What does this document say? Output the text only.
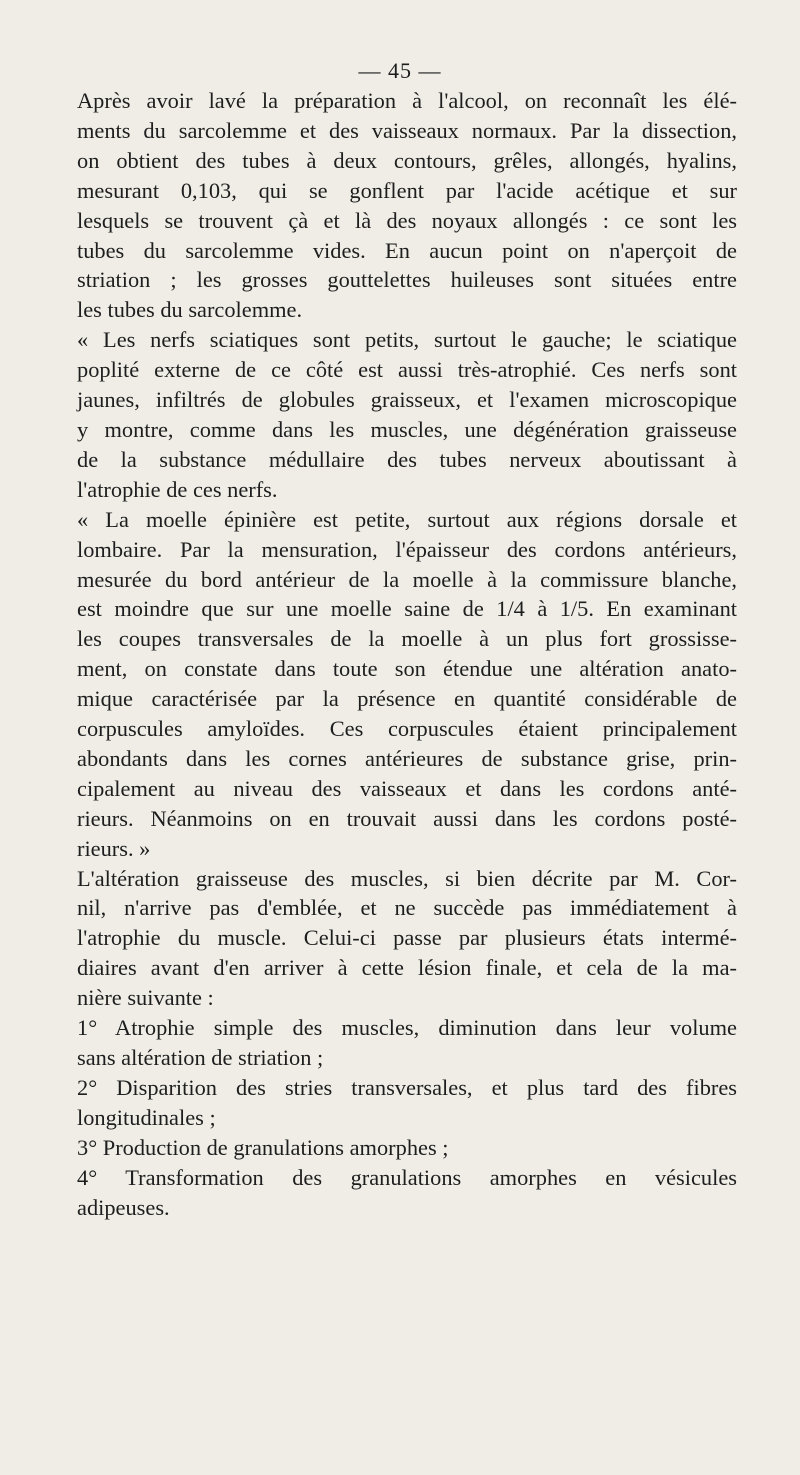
— 45 —
Après avoir lavé la préparation à l'alcool, on reconnaît les élé-
ments du sarcolemme et des vaisseaux normaux. Par la dissection,
on obtient des tubes à deux contours, grêles, allongés, hyalins,
mesurant 0,103, qui se gonflent par l'acide acétique et sur
lesquels se trouvent çà et là des noyaux allongés : ce sont les
tubes du sarcolemme vides. En aucun point on n'aperçoit de
striation ; les grosses gouttelettes huileuses sont situées entre
les tubes du sarcolemme.
« Les nerfs sciatiques sont petits, surtout le gauche; le sciatique
poplité externe de ce côté est aussi très-atrophié. Ces nerfs sont
jaunes, infiltrés de globules graisseux, et l'examen microscopique
y montre, comme dans les muscles, une dégénération graisseuse
de la substance médullaire des tubes nerveux aboutissant à
l'atrophie de ces nerfs.
« La moelle épinière est petite, surtout aux régions dorsale et
lombaire. Par la mensuration, l'épaisseur des cordons antérieurs,
mesurée du bord antérieur de la moelle à la commissure blanche,
est moindre que sur une moelle saine de 1/4 à 1/5. En examinant
les coupes transversales de la moelle à un plus fort grossisse-
ment, on constate dans toute son étendue une altération anato-
mique caractérisée par la présence en quantité considérable de
corpuscules amyloïdes. Ces corpuscules étaient principalement
abondants dans les cornes antérieures de substance grise, prin-
cipalement au niveau des vaisseaux et dans les cordons anté-
rieurs. Néanmoins on en trouvait aussi dans les cordons posté-
rieurs. »
L'altération graisseuse des muscles, si bien décrite par M. Cor-
nil, n'arrive pas d'emblée, et ne succède pas immédiatement à
l'atrophie du muscle. Celui-ci passe par plusieurs états intermé-
diaires avant d'en arriver à cette lésion finale, et cela de la ma-
nière suivante :
1° Atrophie simple des muscles, diminution dans leur volume
sans altération de striation ;
2° Disparition des stries transversales, et plus tard des fibres
longitudinales ;
3° Production de granulations amorphes ;
4° Transformation des granulations amorphes en vésicules
adipeuses.
